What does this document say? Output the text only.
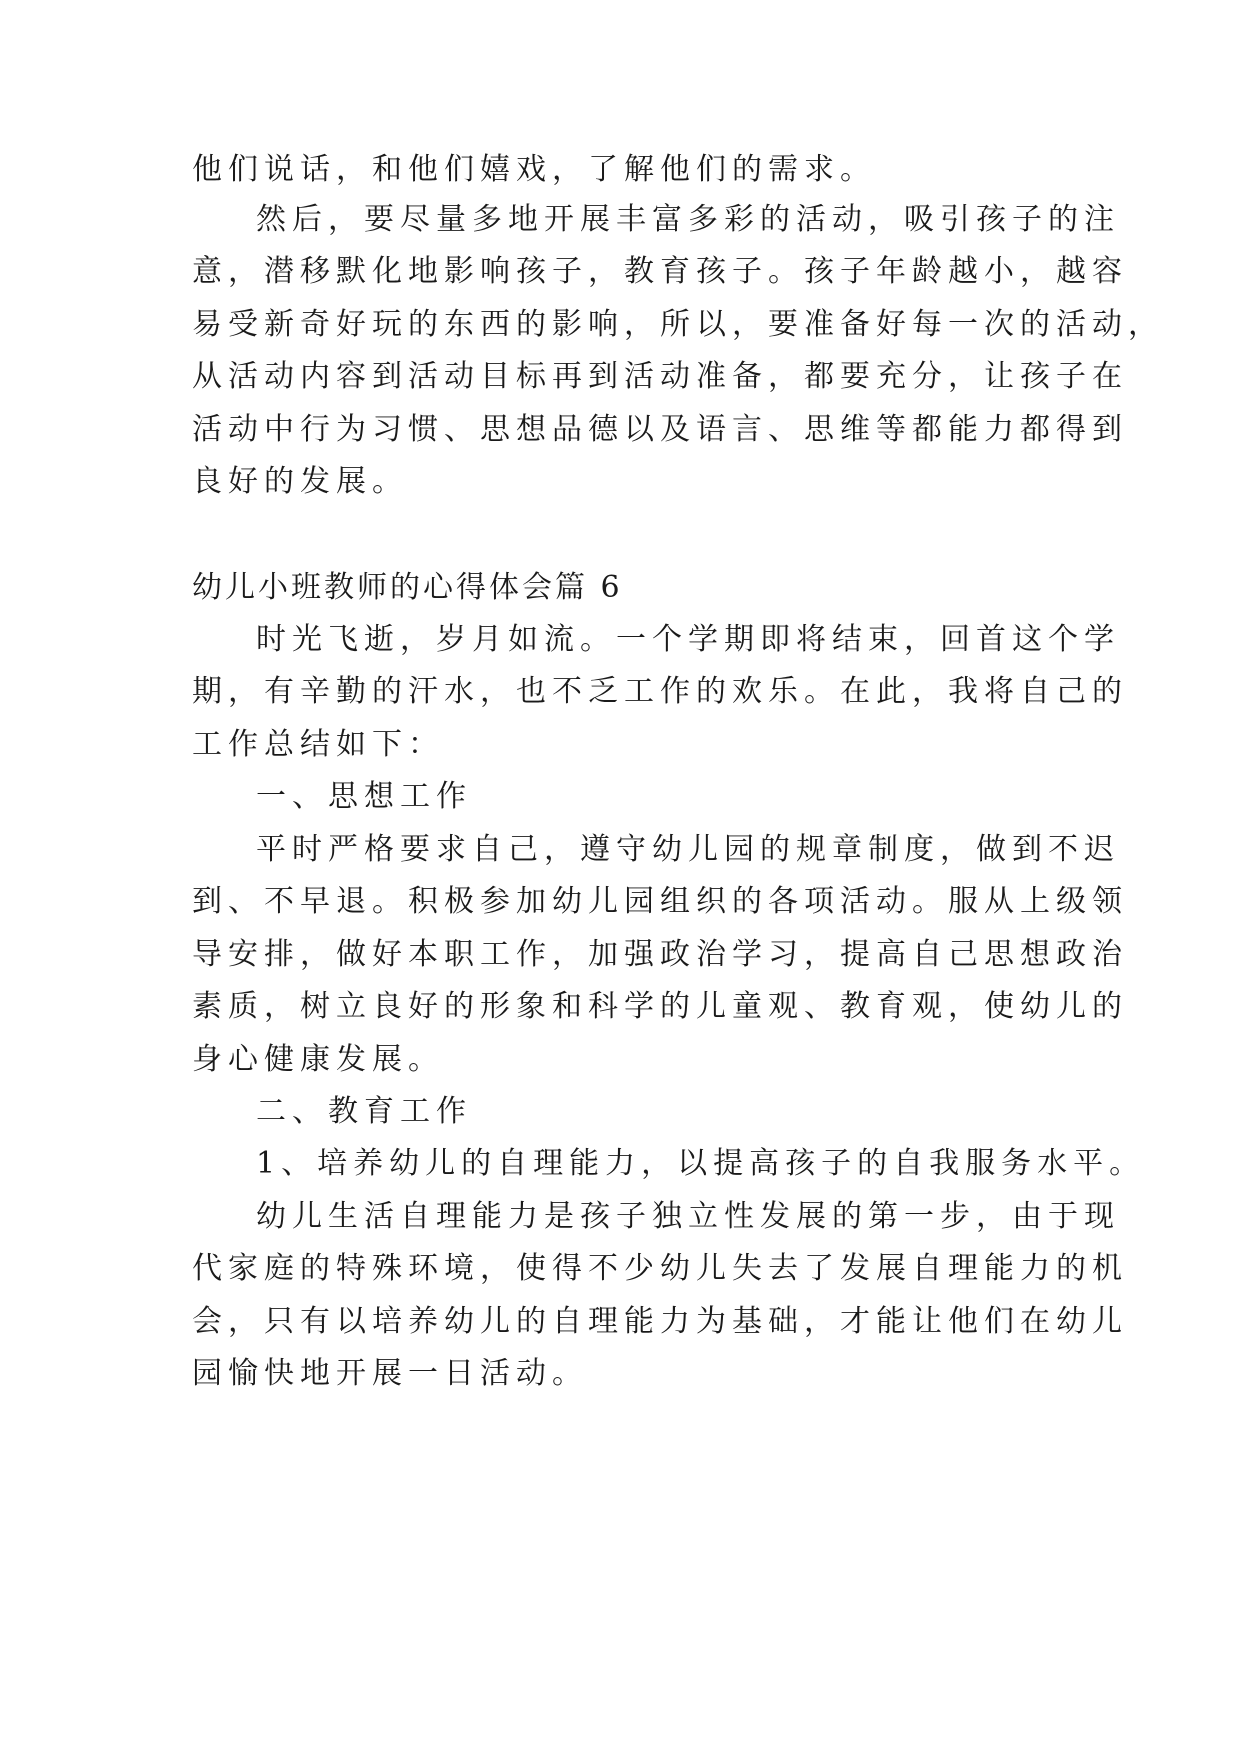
他们说话，和他们嬉戏，了解他们的需求。
然后，要尽量多地开展丰富多彩的活动，吸引孩子的注
意，潜移默化地影响孩子，教育孩子。孩子年龄越小，越容
易受新奇好玩的东西的影响，所以，要准备好每一次的活动，
从活动内容到活动目标再到活动准备，都要充分，让孩子在
活动中行为习惯、思想品德以及语言、思维等都能力都得到
良好的发展。
幼儿小班教师的心得体会篇 6
时光飞逝，岁月如流。一个学期即将结束，回首这个学
期，有辛勤的汗水，也不乏工作的欢乐。在此，我将自己的
工作总结如下：
一、思想工作
平时严格要求自己，遵守幼儿园的规章制度，做到不迟
到、不早退。积极参加幼儿园组织的各项活动。服从上级领
导安排，做好本职工作，加强政治学习，提高自己思想政治
素质，树立良好的形象和科学的儿童观、教育观，使幼儿的
身心健康发展。
二、教育工作
1、培养幼儿的自理能力，以提高孩子的自我服务水平。
幼儿生活自理能力是孩子独立性发展的第一步，由于现
代家庭的特殊环境，使得不少幼儿失去了发展自理能力的机
会，只有以培养幼儿的自理能力为基础，才能让他们在幼儿
园愉快地开展一日活动。
